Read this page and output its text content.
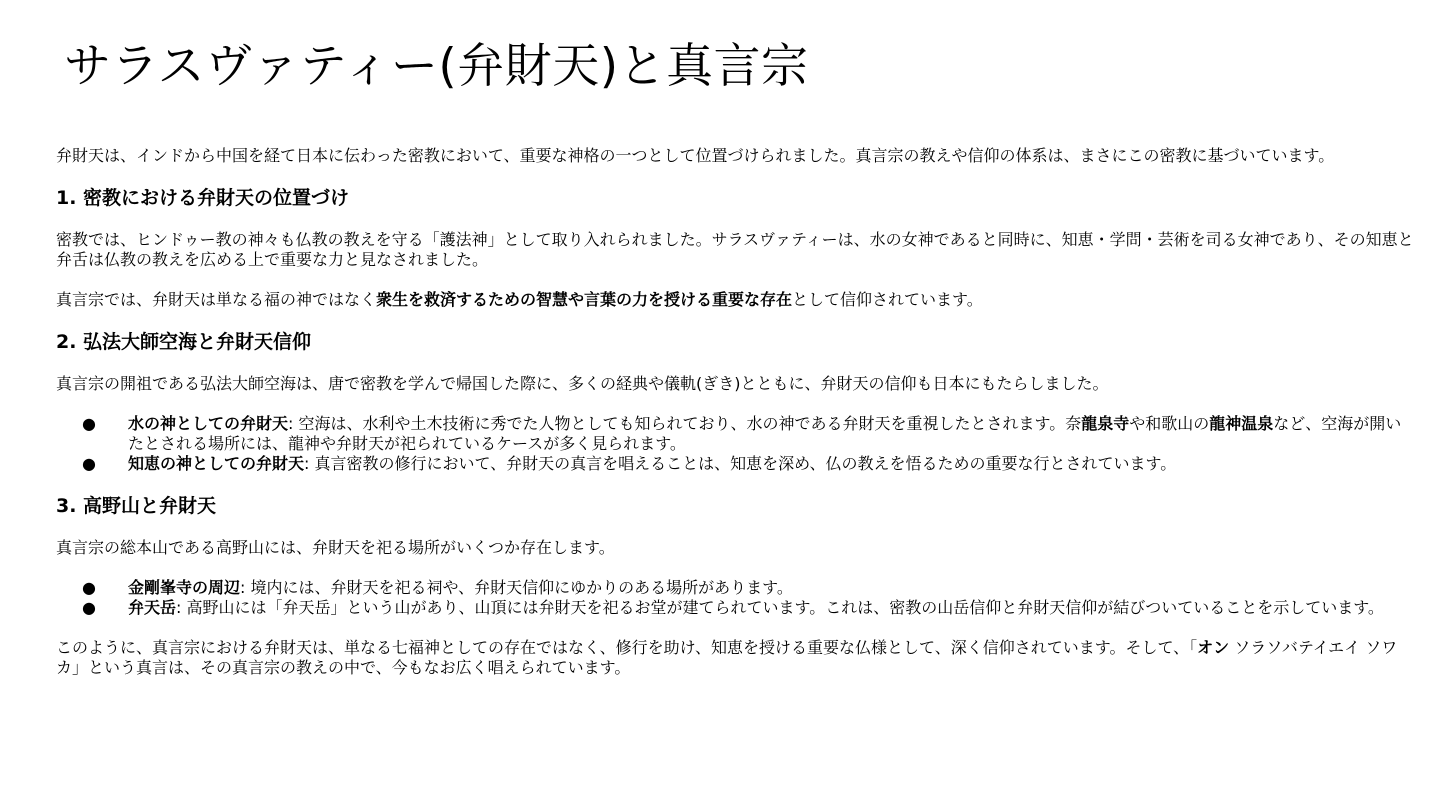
サラスヴァティー(弁財天)と真言宗

弁財天は、インドから中国を経て日本に伝わった密教において、重要な神格の一つとして位置づけられました。真言宗の教えや信仰の体系は、まさにこの密教に基づいています。

1. 密教における弁財天の位置づけ

密教では、ヒンドゥー教の神々も仏教の教えを守る「護法神」として取り入れられました。サラスヴァティーは、水の女神であると同時に、知恵・学問・芸術を司る女神であり、その知恵と弁舌は仏教の教えを広める上で重要な力と見なされました。

真言宗では、弁財天は単なる福の神ではなく衆生を救済するための智慧や言葉の力を授ける重要な存在として信仰されています。

2. 弘法大師空海と弁財天信仰

真言宗の開祖である弘法大師空海は、唐で密教を学んで帰国した際に、多くの経典や儀軌(ぎき)とともに、弁財天の信仰も日本にもたらしました。

● 水の神としての弁財天: 空海は、水利や土木技術に秀でた人物としても知られており、水の神である弁財天を重視したとされます。奈龍泉寺や和歌山の龍神温泉など、空海が開いたとされる場所には、龍神や弁財天が祀られているケースが多く見られます。
● 知恵の神としての弁財天: 真言密教の修行において、弁財天の真言を唱えることは、知恵を深め、仏の教えを悟るための重要な行とされています。
3. 高野山と弁財天

真言宗の総本山である高野山には、弁財天を祀る場所がいくつか存在します。

● 金剛峯寺の周辺: 境内には、弁財天を祀る祠や、弁財天信仰にゆかりのある場所があります。
● 弁天岳: 高野山には「弁天岳」という山があり、山頂には弁財天を祀るお堂が建てられています。これは、密教の山岳信仰と弁財天信仰が結びついていることを示しています。

このように、真言宗における弁財天は、単なる七福神としての存在ではなく、修行を助け、知恵を授ける重要な仏様として、深く信仰されています。そして、「オン ソラソバテイエイ ソワカ」という真言は、その真言宗の教えの中で、今もなお広く唱えられています。
